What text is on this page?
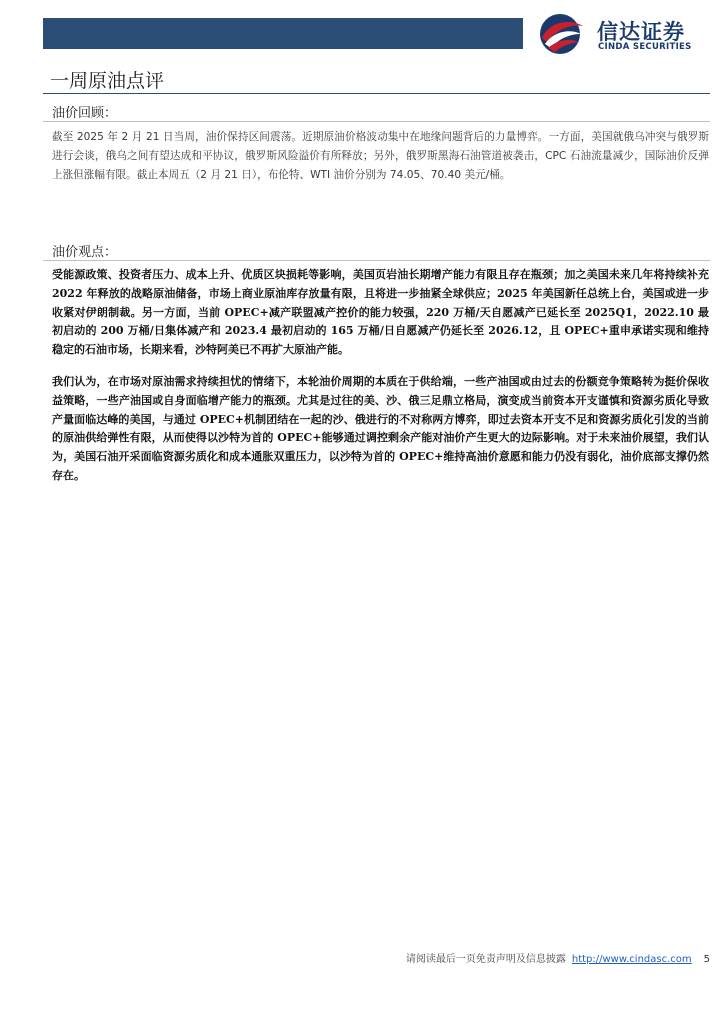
信达证券
CINDA SECURITIES
一周原油点评
油价回顾：

截至 2025 年 2 月 21 日当周，油价保持区间震荡。近期原油价格波动集中在地缘问题背后的力量博弈。一方面，美国就俄乌冲突与俄罗斯进行会谈，俄乌之间有望达成和平协议，俄罗斯风险溢价有所释放；另外，俄罗斯黑海石油管道被袭击，CPC 石油流量减少，国际油价反弹上涨但涨幅有限。截止本周五（2 月 21 日），布伦特、WTI 油价分别为 74.05、70.40 美元/桶。

油价观点：

受能源政策、投资者压力、成本上升、优质区块损耗等影响，美国页岩油长期增产能力有限且存在瓶颈；加之美国未来几年将持续补充 2022 年释放的战略原油储备，市场上商业原油库存放量有限，且将进一步抽紧全球供应；2025 年美国新任总统上台，美国或进一步收紧对伊朗制裁。另一方面，当前 OPEC+减产联盟减产控价的能力较强，220 万桶/天自愿减产已延长至 2025Q1，2022.10 最初启动的 200 万桶/日集体减产和 2023.4 最初启动的 165 万桶/日自愿减产仍延长至 2026.12，且 OPEC+重申承诺实现和维持稳定的石油市场，长期来看，沙特阿美已不再扩大原油产能。

我们认为，在市场对原油需求持续担忧的情绪下，本轮油价周期的本质在于供给端，一些产油国或由过去的份额竞争策略转为挺价保收益策略，一些产油国或自身面临增产能力的瓶颈。尤其是过往的美、沙、俄三足鼎立格局，演变成当前资本开支谨慎和资源劣质化导致产量面临达峰的美国，与通过 OPEC+机制团结在一起的沙、俄进行的不对称两方博弈，即过去资本开支不足和资源劣质化引发的当前的原油供给弹性有限，从而使得以沙特为首的 OPEC+能够通过调控剩余产能对油价产生更大的边际影响。对于未来油价展望，我们认为，美国石油开采面临资源劣质化和成本通胀双重压力，以沙特为首的 OPEC+维持高油价意愿和能力仍没有弱化，油价底部支撑仍然存在。

请阅读最后一页免责声明及信息披露 http://www.cindasc.com 5
